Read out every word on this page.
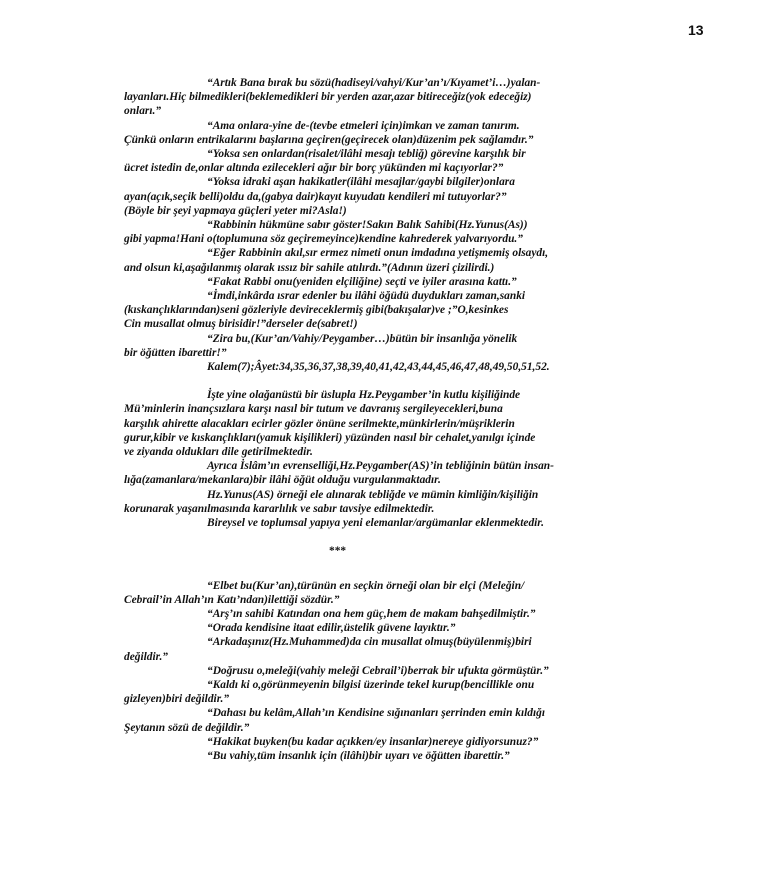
13
“Artık Bana bırak bu sözü(hadiseyi/vahyi/Kur’an’ı/Kıyamet’i…)yalan-
layanları.Hiç bilmedikleri(beklemedikleri bir yerden azar,azar bitireceğiz(yok edeceğiz)
onları.”
“Ama onlara-yine de-(tevbe etmeleri için)imkan ve zaman tanırım.
Çünkü onların entrikalarını başlarına geçiren(geçirecek olan)düzenim pek sağlamdır.”
“Yoksa sen onlardan(risalet/ilâhi mesajı tebliğ) görevine karşılık bir
ücret istedin de,onlar altında ezilecekleri ağır bir borç yükünden mi kaçıyorlar?”
“Yoksa idraki aşan hakikatler(ilâhi mesajlar/gaybi bilgiler)onlara
ayan(açık,seçik belli)oldu da,(gabya dair)kayıt kuyudatı kendileri mi tutuyorlar?”
(Böyle bir şeyi yapmaya güçleri yeter mi?Asla!)
“Rabbinin hükmüne sabır göster!Sakın Balık Sahibi(Hz.Yunus(As))
gibi yapma!Hani o(toplumuna söz geçiremeyince)kendine kahrederek yalvarıyordu.”
“Eğer Rabbinin akıl,sır ermez nimeti onun imdadına yetişmemiş olsaydı,
and olsun ki,aşağılanmış olarak ıssız bir sahile atılırdı.”(Adının üzeri çizilirdi.)
“Fakat Rabbi onu(yeniden elçiliğine) seçti ve iyiler arasına kattı.”
“İmdi,inkârda ısrar edenler bu ilâhi öğüdü duydukları zaman,sanki
(kıskançlıklarından)seni gözleriyle devireceklermiş gibi(bakışalar)ve ;”O,kesinkes
Cin musallat olmuş birisidir!”derseler de(sabret!)
“Zira bu,(Kur’an/Vahiy/Peygamber…)bütün bir insanlığa yönelik
bir öğütten ibarettir!”
Kalem(7);Âyet:34,35,36,37,38,39,40,41,42,43,44,45,46,47,48,49,50,51,52.
İşte yine olağanüstü bir üslupla Hz.Peygamber’in kutlu kişiliğinde
Mü’minlerin inançsızlara karşı nasıl bir tutum ve davranış sergileyecekleri,buna
karşılık ahirette alacakları ecirler gözler önüne serilmekte,münkirlerin/müşriklerin
gurur,kibir ve kıskançlıkları(yamuk kişilikleri) yüzünden nasıl bir cehalet,yanılgı içinde
ve ziyanda oldukları dile getirilmektedir.
Ayrıca İslâm’ın evrenselliği,Hz.Peygamber(AS)’in tebliğinin bütün insan-
lığa(zamanlara/mekanlara)bir ilâhi öğüt olduğu vurgulanmaktadır.
Hz.Yunus(AS) örneği ele alınarak tebliğde ve mümin kimliğin/kişiliğin
korunarak yaşanılmasında kararlılık ve sabır tavsiye edilmektedir.
Bireysel ve toplumsal yapıya yeni elemanlar/argümanlar eklenmektedir.
***
“Elbet bu(Kur’an),türünün en seçkin örneği olan bir elçi (Meleğin/
Cebrail’in Allah’ın Katı’ndan)ilettiği sözdür.”
“Arş’ın sahibi Katından ona hem güç,hem de makam bahşedilmiştir.”
“Orada kendisine itaat edilir,üstelik güvene layıktır.”
“Arkadaşınız(Hz.Muhammed)da cin musallat olmuş(büyülenmiş)biri
değildir.”
“Doğrusu o,meleği(vahiy meleği Cebrail’i)berrak bir ufukta görmüştür.”
“Kaldı ki o,görünmeyenin bilgisi üzerinde tekel kurup(bencillikle onu
gizleyen)biri değildir.”
“Dahası bu kelâm,Allah’ın Kendisine sığınanları şerrinden emin kıldığı
Şeytanın sözü de değildir.”
“Hakikat buyken(bu kadar açıkken/ey insanlar)nereye gidiyorsunuz?”
“Bu vahiy,tüm insanlık için (ilâhi)bir uyarı ve öğütten ibarettir.”
